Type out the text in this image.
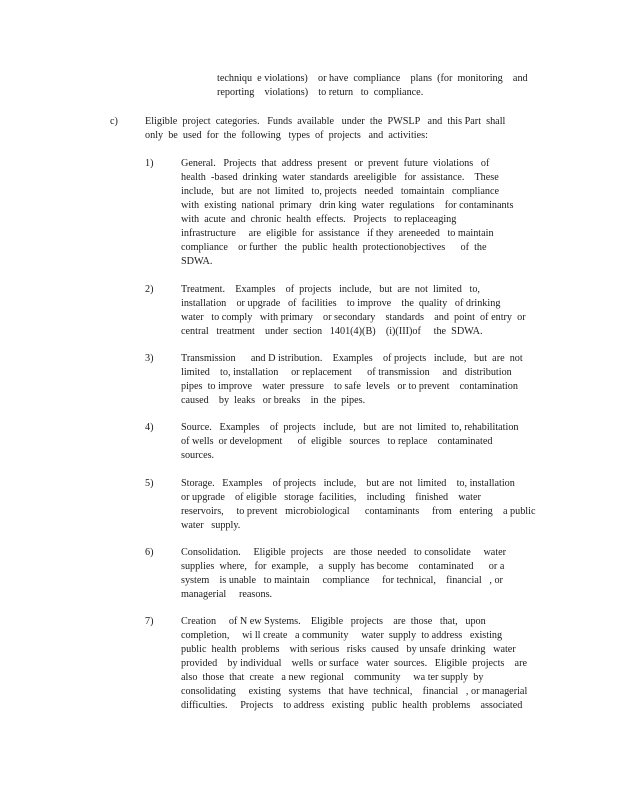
techniqu  e violations)    or have  compliance    plans  (for  monitoring    and
reporting    violations)    to return   to  compliance.
c)	Eligible  project  categories.   Funds  available   under  the  PWSLP   and  this Part  shall
only  be  used  for  the  following   types  of  projects   and  activities:
1)	General.   Projects  that  address  present   or  prevent  future  violations   of
health  -based  drinking  water  standards  areeligible   for  assistance.    These
include,   but  are  not  limited   to, projects   needed   tomaintain   compliance
with  existing  national  primary   drin king  water  regulations    for contaminants
with  acute  and  chronic  health  effects.   Projects   to replaceaging
infrastructure     are  eligible  for  assistance   if they  areneeded   to maintain
compliance    or further   the  public  health  protectionobjectives      of  the
SDWA.
2)	Treatment.    Examples    of  projects   include,   but  are  not  limited   to,
installation    or upgrade   of  facilities    to improve    the  quality   of drinking
water   to comply   with primary    or secondary    standards    and  point  of entry  or
central   treatment    under  section   1401(4)(B)    (i)(III)of     the  SDWA.
3)	Transmission      and D istribution.    Examples    of projects   include,   but  are  not
limited    to, installation     or replacement      of transmission     and   distribution
pipes  to improve    water  pressure    to safe  levels   or to prevent    contamination
caused    by  leaks   or breaks    in  the  pipes.
4)	Source.   Examples    of  projects   include,   but  are  not  limited  to, rehabilitation
of wells  or development      of  eligible   sources   to replace    contaminated
sources.
5)	Storage.   Examples    of projects   include,    but are  not  limited    to, installation
or upgrade    of eligible   storage  facilities,    including    finished    water
reservoirs,     to prevent   microbiological      contaminants     from   entering    a public
water   supply.
6)	Consolidation.     Eligible  projects    are  those  needed   to consolidate     water
supplies  where,   for  example,    a  supply  has become    contaminated      or a
system    is unable   to maintain     compliance     for technical,    financial   , or
managerial     reasons.
7)	Creation     of N ew Systems.    Eligible   projects    are  those   that,   upon
completion,     wi ll create   a community     water  supply  to address   existing
public  health  problems    with serious   risks  caused   by unsafe  drinking   water
provided    by individual    wells  or surface   water  sources.   Eligible  projects    are
also  those  that  create   a new  regional    community     wa ter supply  by
consolidating     existing   systems   that  have  technical,    financial   , or managerial
difficulties.     Projects    to address   existing   public  health  problems    associated
